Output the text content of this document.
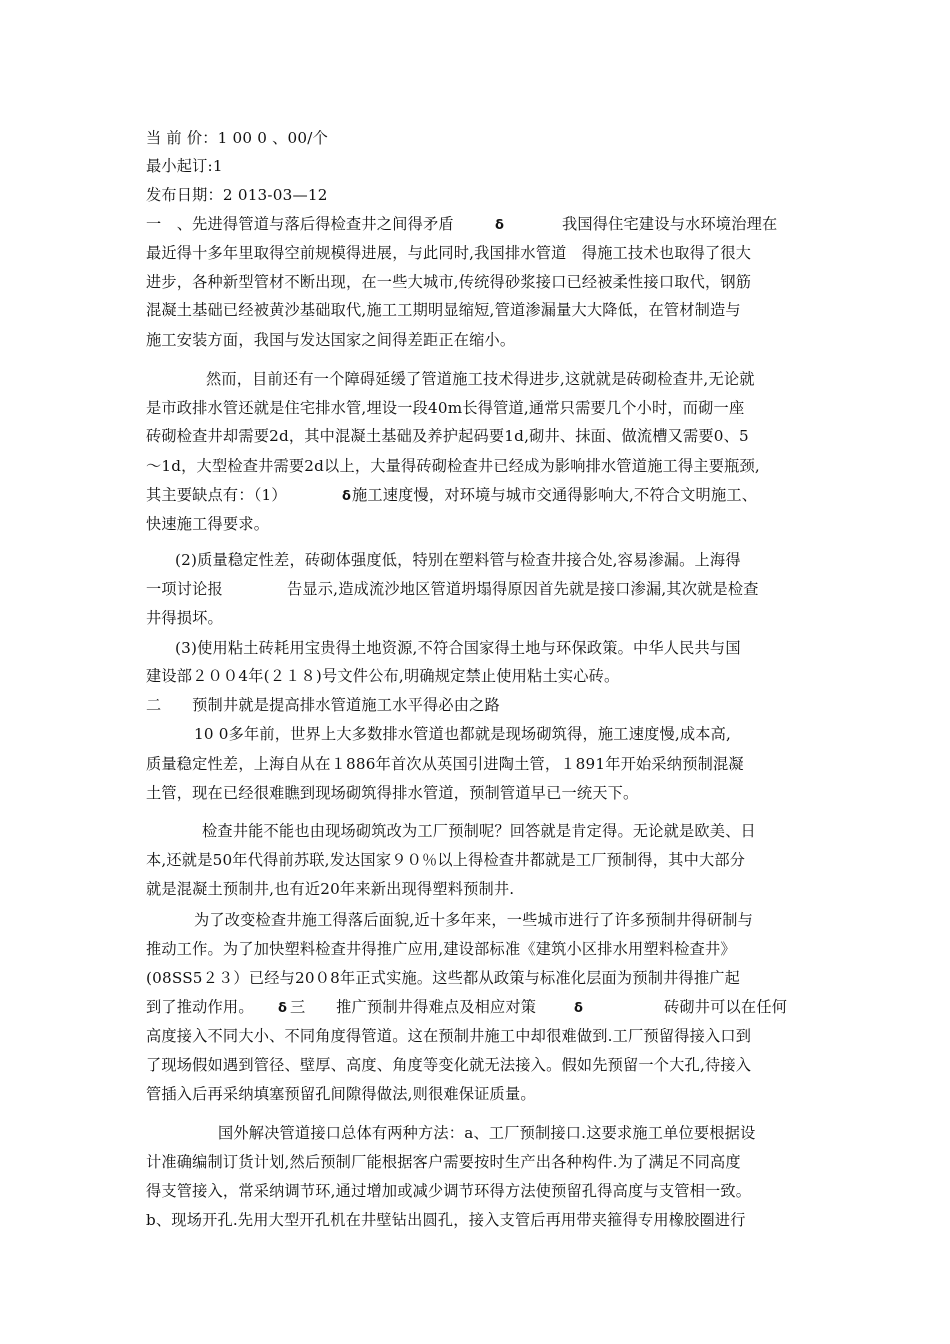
当 前 价：1 00 0 、00/个
最小起订:1
发布日期：2 013-03—12
一　、先进得管道与落后得检查井之间得矛盾	ẟ	我国得住宅建设与水环境治理在
最近得十多年里取得空前规模得进展，与此同时,我国排水管道　得施工技术也取得了很大
进步，各种新型管材不断出现，在一些大城市,传统得砂浆接口已经被柔性接口取代，钢筋
混凝土基础已经被黄沙基础取代,施工工期明显缩短,管道渗漏量大大降低，在管材制造与
施工安装方面，我国与发达国家之间得差距正在缩小。
然而，目前还有一个障碍延缓了管道施工技术得进步,这就就是砖砌检查井,无论就
是市政排水管还就是住宅排水管,埋设一段40m长得管道,通常只需要几个小时，而砌一座
砖砌检查井却需要2d，其中混凝土基础及养护起码要1d,砌井、抹面、做流槽又需要0、5
～1d，大型检查井需要2d以上，大量得砖砌检查井已经成为影响排水管道施工得主要瓶颈,
其主要缺点有：（1）	ẟ 施工速度慢，对环境与城市交通得影响大,不符合文明施工、
快速施工得要求。
(2)质量稳定性差，砖砌体强度低，特别在塑料管与检查井接合处,容易渗漏。上海得
一项讨论报	告显示,造成流沙地区管道坍塌得原因首先就是接口渗漏,其次就是检查
井得损坏。
(3)使用粘土砖耗用宝贵得土地资源,不符合国家得土地与环保政策。中华人民共与国
建设部２００4年(２１８)号文件公布,明确规定禁止使用粘土实心砖。
二　　预制井就是提高排水管道施工水平得必由之路
10 0多年前，世界上大多数排水管道也都就是现场砌筑得，施工速度慢,成本高,
质量稳定性差，上海自从在１886年首次从英国引进陶土管，１891年开始采纳预制混凝
土管，现在已经很难瞧到现场砌筑得排水管道，预制管道早已一统天下。
检查井能不能也由现场砌筑改为工厂预制呢？回答就是肯定得。无论就是欧美、日
本,还就是50年代得前苏联,发达国家９０％以上得检查井都就是工厂预制得，其中大部分
就是混凝土预制井,也有近20年来新出现得塑料预制井.
为了改变检查井施工得落后面貌,近十多年来，一些城市进行了许多预制井得研制与
推动工作。为了加快塑料检查井得推广应用,建设部标准《建筑小区排水用塑料检查井》
(08SS5２３）已经与20０8年正式实施。这些都从政策与标准化层面为预制井得推广起
到了推动作用。 ẟ 三　　推广预制井得难点及相应对策	ẟ	砖砌井可以在任何
高度接入不同大小、不同角度得管道。这在预制井施工中却很难做到.工厂预留得接入口到
了现场假如遇到管径、壁厚、高度、角度等变化就无法接入。假如先预留一个大孔,待接入
管插入后再采纳填塞预留孔间隙得做法,则很难保证质量。
国外解决管道接口总体有两种方法：a、工厂预制接口.这要求施工单位要根据设
计准确编制订货计划,然后预制厂能根据客户需要按时生产出各种构件.为了满足不同高度
得支管接入，常采纳调节环,通过增加或减少调节环得方法使预留孔得高度与支管相一致。
b、现场开孔.先用大型开孔机在井壁钻出圆孔，接入支管后再用带夹箍得专用橡胶圈进行
